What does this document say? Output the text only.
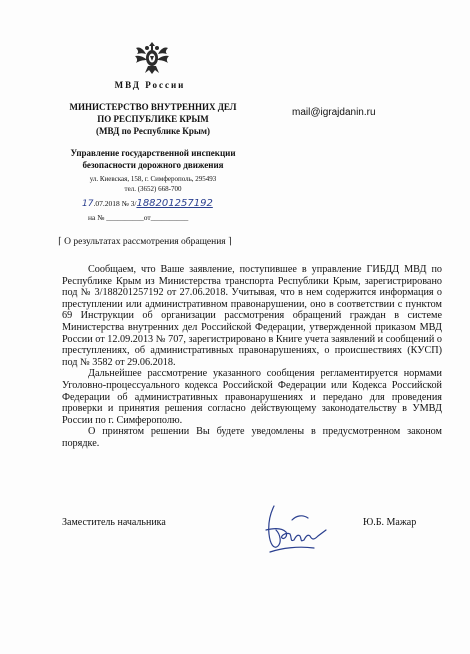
МВД России
МИНИСТЕРСТВО ВНУТРЕННИХ ДЕЛ
ПО РЕСПУБЛИКЕ КРЫМ
(МВД по Республике Крым)
mail@igrajdanin.ru
Управление государственной инспекции
безопасности дорожного движения
ул. Киевская, 158, г. Симферополь, 295493
тел. (3652) 668-700
17.07.2018 № 3/188201257192
на № __________от__________
⌈ О результатах рассмотрения обращения ⌉

Сообщаем, что Ваше заявление, поступившее в управление ГИБДД МВД по Республике Крым из Министерства транспорта Республики Крым, зарегистрировано под № 3/188201257192 от 27.06.2018. Учитывая, что в нем содержится информация о преступлении или административном правонарушении, оно в соответствии с пунктом 69 Инструкции об организации рассмотрения обращений граждан в системе Министерства внутренних дел Российской Федерации, утвержденной приказом МВД России от 12.09.2013 № 707, зарегистрировано в Книге учета заявлений и сообщений о преступлениях, об административных правонарушениях, о происшествиях (КУСП) под № 3582 от 29.06.2018.

Дальнейшее рассмотрение указанного сообщения регламентируется нормами Уголовно-процессуального кодекса Российской Федерации или Кодекса Российской Федерации об административных правонарушениях и передано для проведения проверки и принятия решения согласно действующему законодательству в УМВД России по г. Симферополю.

О принятом решении Вы будете уведомлены в предусмотренном законом порядке.

Заместитель начальника	Ю.Б. Мажар
